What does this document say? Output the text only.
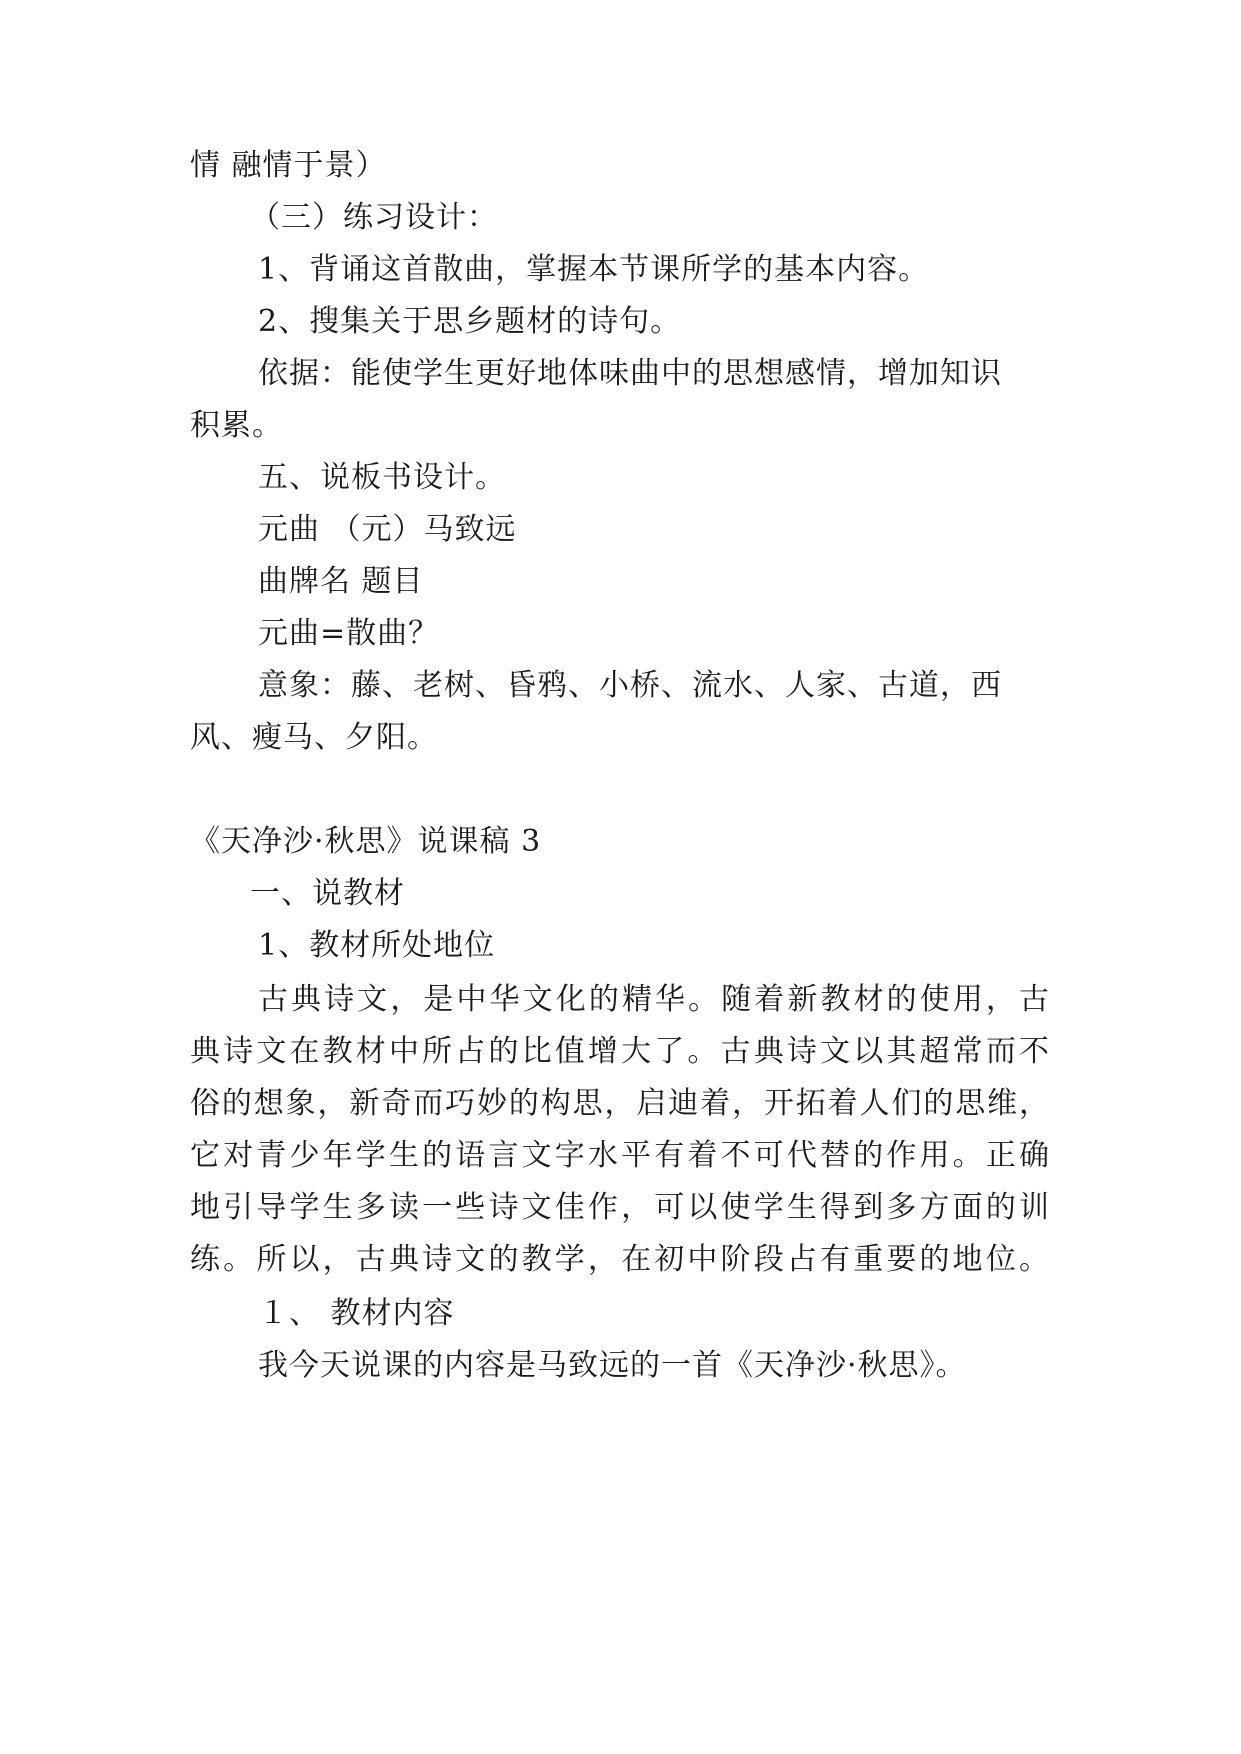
情 融情于景）
（三）练习设计：
1、背诵这首散曲，掌握本节课所学的基本内容。
2、搜集关于思乡题材的诗句。
依据：能使学生更好地体味曲中的思想感情，增加知识
积累。
五、说板书设计。
元曲 （元）马致远
曲牌名 题目
元曲=散曲？
意象：藤、老树、昏鸦、小桥、流水、人家、古道，西
风、瘦马、夕阳。
《天净沙·秋思》说课稿 3
一、说教材
1、教材所处地位
古典诗文，是中华文化的精华。随着新教材的使用，古
典诗文在教材中所占的比值增大了。古典诗文以其超常而不
俗的想象，新奇而巧妙的构思，启迪着，开拓着人们的思维，
它对青少年学生的语言文字水平有着不可代替的作用。正确
地引导学生多读一些诗文佳作，可以使学生得到多方面的训
练。所以，古典诗文的教学，在初中阶段占有重要的地位。
１、 教材内容
我今天说课的内容是马致远的一首《天净沙·秋思》。
